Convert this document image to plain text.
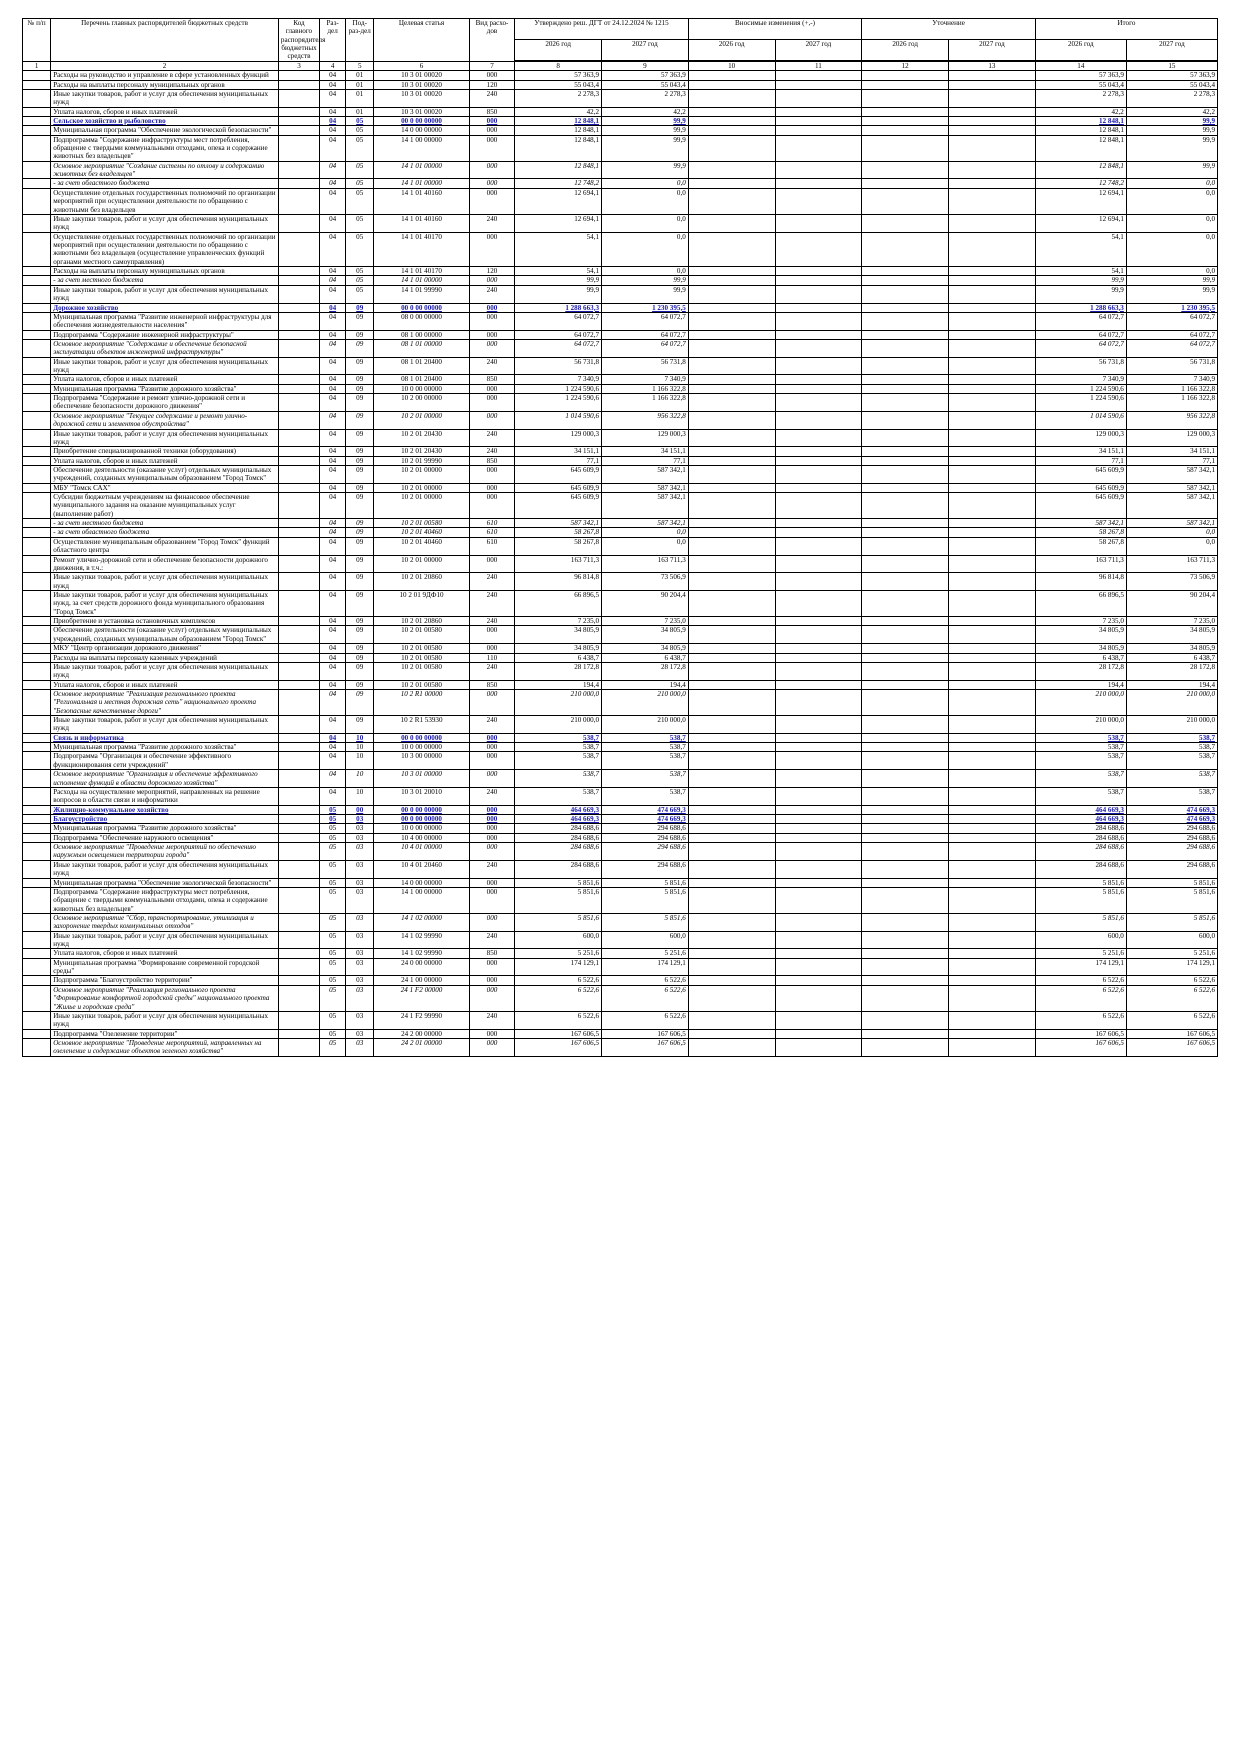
№ п/п	Перечень главных распорядителей бюджетных средств	Код главного распорядителя бюджетных средств	Раз-дел	Под-раз-дел	Целевая статья	Вид расхо-дов	Утверждено реш. ДГТ от 24.12.2024 № 1215		Вносимые изменения (+,-)		Уточнение		Итого	
							2026 год	2027 год	2026 год	2027 год	2026 год	2027 год	2026 год	2027 год

1	2	3	4	5	6	7	8	9	10	11	12	13	14	15
	Расходы на руководство и управление в сфере установленных функций		04	01	10 3 01 00020	000	57 363,9	57 363,9					57 363,9	57 363,9
	Расходы на выплаты персоналу муниципальных органов		04	01	10 3 01 00020	120	55 043,4	55 043,4					55 043,4	55 043,4
	Иные закупки товаров, работ и услуг для обеспечения муниципальных нужд		04	01	10 3 01 00020	240	2 278,3	2 278,3					2 278,3	2 278,3
	Уплата налогов, сборов и иных платежей		04	01	10 3 01 00020	850	42,2	42,2					42,2	42,2
	Сельское хозяйство и рыболовство		04	05	00 0 00 00000	000	12 848,1	99,9					12 848,1	99,9
	Муниципальная программа "Обеспечение экологической безопасности"		04	05	14 0 00 00000	000	12 848,1	99,9					12 848,1	99,9
	Подпрограмма "Содержание инфраструктуры мест потребления, обращение с твердыми коммунальными отходами, опека и содержание животных без владельцев"		04	05	14 1 00 00000	000	12 848,1	99,9					12 848,1	99,9
	Основное мероприятие "Создание системы по отлову и содержанию животных без владельцев"		04	05	14 1 01 00000	000	12 848,1	99,9					12 848,1	99,9
	- за счет областного бюджета		04	05	14 1 01 00000	000	12 748,2	0,0					12 748,2	0,0
	Осуществление отдельных государственных полномочий по организации мероприятий при осуществлении деятельности по обращению с животными без владельцев		04	05	14 1 01 40160	000	12 694,1	0,0					12 694,1	0,0
	Иные закупки товаров, работ и услуг для обеспечения муниципальных нужд		04	05	14 1 01 40160	240	12 694,1	0,0					12 694,1	0,0
	Осуществление отдельных государственных полномочий по организации мероприятий при осуществлении деятельности по обращению с животными без владельцев (осуществление управленческих функций органами местного самоуправления)		04	05	14 1 01 40170	000	54,1	0,0					54,1	0,0
	Расходы на выплаты персоналу муниципальных органов		04	05	14 1 01 40170	120	54,1	0,0					54,1	0,0
	- за счет местного бюджета		04	05	14 1 01 00000	000	99,9	99,9					99,9	99,9
	Иные закупки товаров, работ и услуг для обеспечения муниципальных нужд		04	05	14 1 01 99990	240	99,9	99,9					99,9	99,9
	Дорожное хозяйство		04	09	00 0 00 00000	000	1 288 663,3	1 230 395,5					1 288 663,3	1 230 395,5
	Муниципальная программа "Развитие инженерной инфраструктуры для обеспечения жизнедеятельности населения"		04	09	08 0 00 00000	000	64 072,7	64 072,7					64 072,7	64 072,7
	Подпрограмма "Содержание инженерной инфраструктуры"		04	09	08 1 00 00000	000	64 072,7	64 072,7					64 072,7	64 072,7
	Основное мероприятие "Содержание и обеспечение безопасной эксплуатации объектов инженерной инфраструктуры"		04	09	08 1 01 00000	000	64 072,7	64 072,7					64 072,7	64 072,7
	Иные закупки товаров, работ и услуг для обеспечения муниципальных нужд		04	09	08 1 01 20400	240	56 731,8	56 731,8					56 731,8	56 731,8
	Уплата налогов, сборов и иных платежей		04	09	08 1 01 20400	850	7 340,9	7 340,9					7 340,9	7 340,9
	Муниципальная программа "Развитие дорожного хозяйства"		04	09	10 0 00 00000	000	1 224 590,6	1 166 322,8					1 224 590,6	1 166 322,8
	Подпрограмма "Содержание и ремонт улично-дорожной сети и обеспечение безопасности дорожного движения"		04	09	10 2 00 00000	000	1 224 590,6	1 166 322,8					1 224 590,6	1 166 322,8
	Основное мероприятие "Текущее содержание и ремонт улично-дорожной сети и элементов обустройства"		04	09	10 2 01 00000	000	1 014 590,6	956 322,8					1 014 590,6	956 322,8
	Иные закупки товаров, работ и услуг для обеспечения муниципальных нужд		04	09	10 2 01 20430	240	129 000,3	129 000,3					129 000,3	129 000,3
	Приобретение специализированной техники (оборудования)		04	09	10 2 01 20430	240	34 151,1	34 151,1					34 151,1	34 151,1
	Уплата налогов, сборов и иных платежей		04	09	10 2 01 99990	850	77,1	77,1					77,1	77,1
	Обеспечение деятельности (оказание услуг) отдельных муниципальных учреждений, созданных муниципальным образованием "Город Томск"		04	09	10 2 01 00000	000	645 609,9	587 342,1					645 609,9	587 342,1
	МБУ "Томск САХ"		04	09	10 2 01 00000	000	645 609,9	587 342,1					645 609,9	587 342,1
	Субсидии бюджетным учреждениям на финансовое обеспечение муниципального задания на оказание муниципальных услуг (выполнение работ)		04	09	10 2 01 00000	000	645 609,9	587 342,1					645 609,9	587 342,1
	- за счет местного бюджета		04	09	10 2 01 00580	610	587 342,1	587 342,1					587 342,1	587 342,1
	- за счет областного бюджета		04	09	10 2 01 40460	610	58 267,8	0,0					58 267,8	0,0
	Осуществление муниципальным образованием "Город Томск" функций областного центра		04	09	10 2 01 40460	610	58 267,8	0,0					58 267,8	0,0
	Ремонт улично-дорожной сети и обеспечение безопасности дорожного движения, в т.ч.:		04	09	10 2 01 00000	000	163 711,3	163 711,3					163 711,3	163 711,3
	Иные закупки товаров, работ и услуг для обеспечения муниципальных нужд		04	09	10 2 01 20860	240	96 814,8	73 506,9					96 814,8	73 506,9
	Иные закупки товаров, работ и услуг для обеспечения муниципальных нужд, за счет средств дорожного фонда муниципального образования "Город Томск"		04	09	10 2 01 9ДФ10	240	66 896,5	90 204,4					66 896,5	90 204,4
	Приобретение и установка остановочных комплексов		04	09	10 2 01 20860	240	7 235,0	7 235,0					7 235,0	7 235,0
	Обеспечение деятельности (оказание услуг) отдельных муниципальных учреждений, созданных муниципальным образованием "Город Томск"		04	09	10 2 01 00580	000	34 805,9	34 805,9					34 805,9	34 805,9
	МКУ "Центр организации дорожного движения"		04	09	10 2 01 00580	000	34 805,9	34 805,9					34 805,9	34 805,9
	Расходы на выплаты персоналу казенных учреждений		04	09	10 2 01 00580	110	6 438,7	6 438,7					6 438,7	6 438,7
	Иные закупки товаров, работ и услуг для обеспечения муниципальных нужд		04	09	10 2 01 00580	240	28 172,8	28 172,8					28 172,8	28 172,8
	Уплата налогов, сборов и иных платежей		04	09	10 2 01 00580	850	194,4	194,4					194,4	194,4
	Основное мероприятие "Реализация регионального проекта "Региональная и местная дорожная сеть" национального проекта "Безопасные качественные дороги"		04	09	10 2 R1 00000	000	210 000,0	210 000,0					210 000,0	210 000,0
	Иные закупки товаров, работ и услуг для обеспечения муниципальных нужд		04	09	10 2 R1 53930	240	210 000,0	210 000,0					210 000,0	210 000,0
	Связь и информатика		04	10	00 0 00 00000	000	538,7	538,7					538,7	538,7
	Муниципальная программа "Развитие дорожного хозяйства"		04	10	10 0 00 00000	000	538,7	538,7					538,7	538,7
	Подпрограмма "Организация и обеспечение эффективного функционирования сети учреждений"		04	10	10 3 00 00000	000	538,7	538,7					538,7	538,7
	Основное мероприятие "Организация и обеспечение эффективного исполнение функций в области дорожного хозяйства"		04	10	10 3 01 00000	000	538,7	538,7					538,7	538,7
	Расходы на осуществление мероприятий, направленных на решение вопросов в области связи и информатики		04	10	10 3 01 20010	240	538,7	538,7					538,7	538,7
	Жилищно-коммунальное хозяйство		05	00	00 0 00 00000	000	464 669,3	474 669,3					464 669,3	474 669,3
	Благоустройство		05	03	00 0 00 00000	000	464 669,3	474 669,3					464 669,3	474 669,3
	Муниципальная программа "Развитие дорожного хозяйства"		05	03	10 0 00 00000	000	284 688,6	294 688,6					284 688,6	294 688,6
	Подпрограмма "Обеспечение наружного освещения"		05	03	10 4 00 00000	000	284 688,6	294 688,6					284 688,6	294 688,6
	Основное мероприятие "Проведение мероприятий по обеспечению наружным освещением территории города"		05	03	10 4 01 00000	000	284 688,6	294 688,6					284 688,6	294 688,6
	Иные закупки товаров, работ и услуг для обеспечения муниципальных нужд		05	03	10 4 01 20460	240	284 688,6	294 688,6					284 688,6	294 688,6
	Муниципальная программа "Обеспечение экологической безопасности"		05	03	14 0 00 00000	000	5 851,6	5 851,6					5 851,6	5 851,6
	Подпрограмма "Содержание инфраструктуры мест потребления, обращение с твердыми коммунальными отходами, опека и содержание животных без владельцев"		05	03	14 1 00 00000	000	5 851,6	5 851,6					5 851,6	5 851,6
	Основное мероприятие "Сбор, транспортирование, утилизация и захоронение твердых коммунальных отходов"		05	03	14 1 02 00000	000	5 851,6	5 851,6					5 851,6	5 851,6
	Иные закупки товаров, работ и услуг для обеспечения муниципальных нужд		05	03	14 1 02 99990	240	600,0	600,0					600,0	600,0
	Уплата налогов, сборов и иных платежей		05	03	14 1 02 99990	850	5 251,6	5 251,6					5 251,6	5 251,6
	Муниципальная программа "Формирование современной городской среды"		05	03	24 0 00 00000	000	174 129,1	174 129,1					174 129,1	174 129,1
	Подпрограмма "Благоустройство территории"		05	03	24 1 00 00000	000	6 522,6	6 522,6					6 522,6	6 522,6
	Основное мероприятие "Реализация регионального проекта "Формирование комфортной городской среды" национального проекта "Жилье и городская среда"		05	03	24 1 F2 00000	000	6 522,6	6 522,6					6 522,6	6 522,6
	Иные закупки товаров, работ и услуг для обеспечения муниципальных нужд		05	03	24 1 F2 99990	240	6 522,6	6 522,6					6 522,6	6 522,6
	Подпрограмма "Озеленение территории"		05	03	24 2 00 00000	000	167 606,5	167 606,5					167 606,5	167 606,5
	Основное мероприятие "Проведение мероприятий, направленных на озеленение и содержание объектов зеленого хозяйства"		05	03	24 2 01 00000	000	167 606,5	167 606,5					167 606,5	167 606,5
